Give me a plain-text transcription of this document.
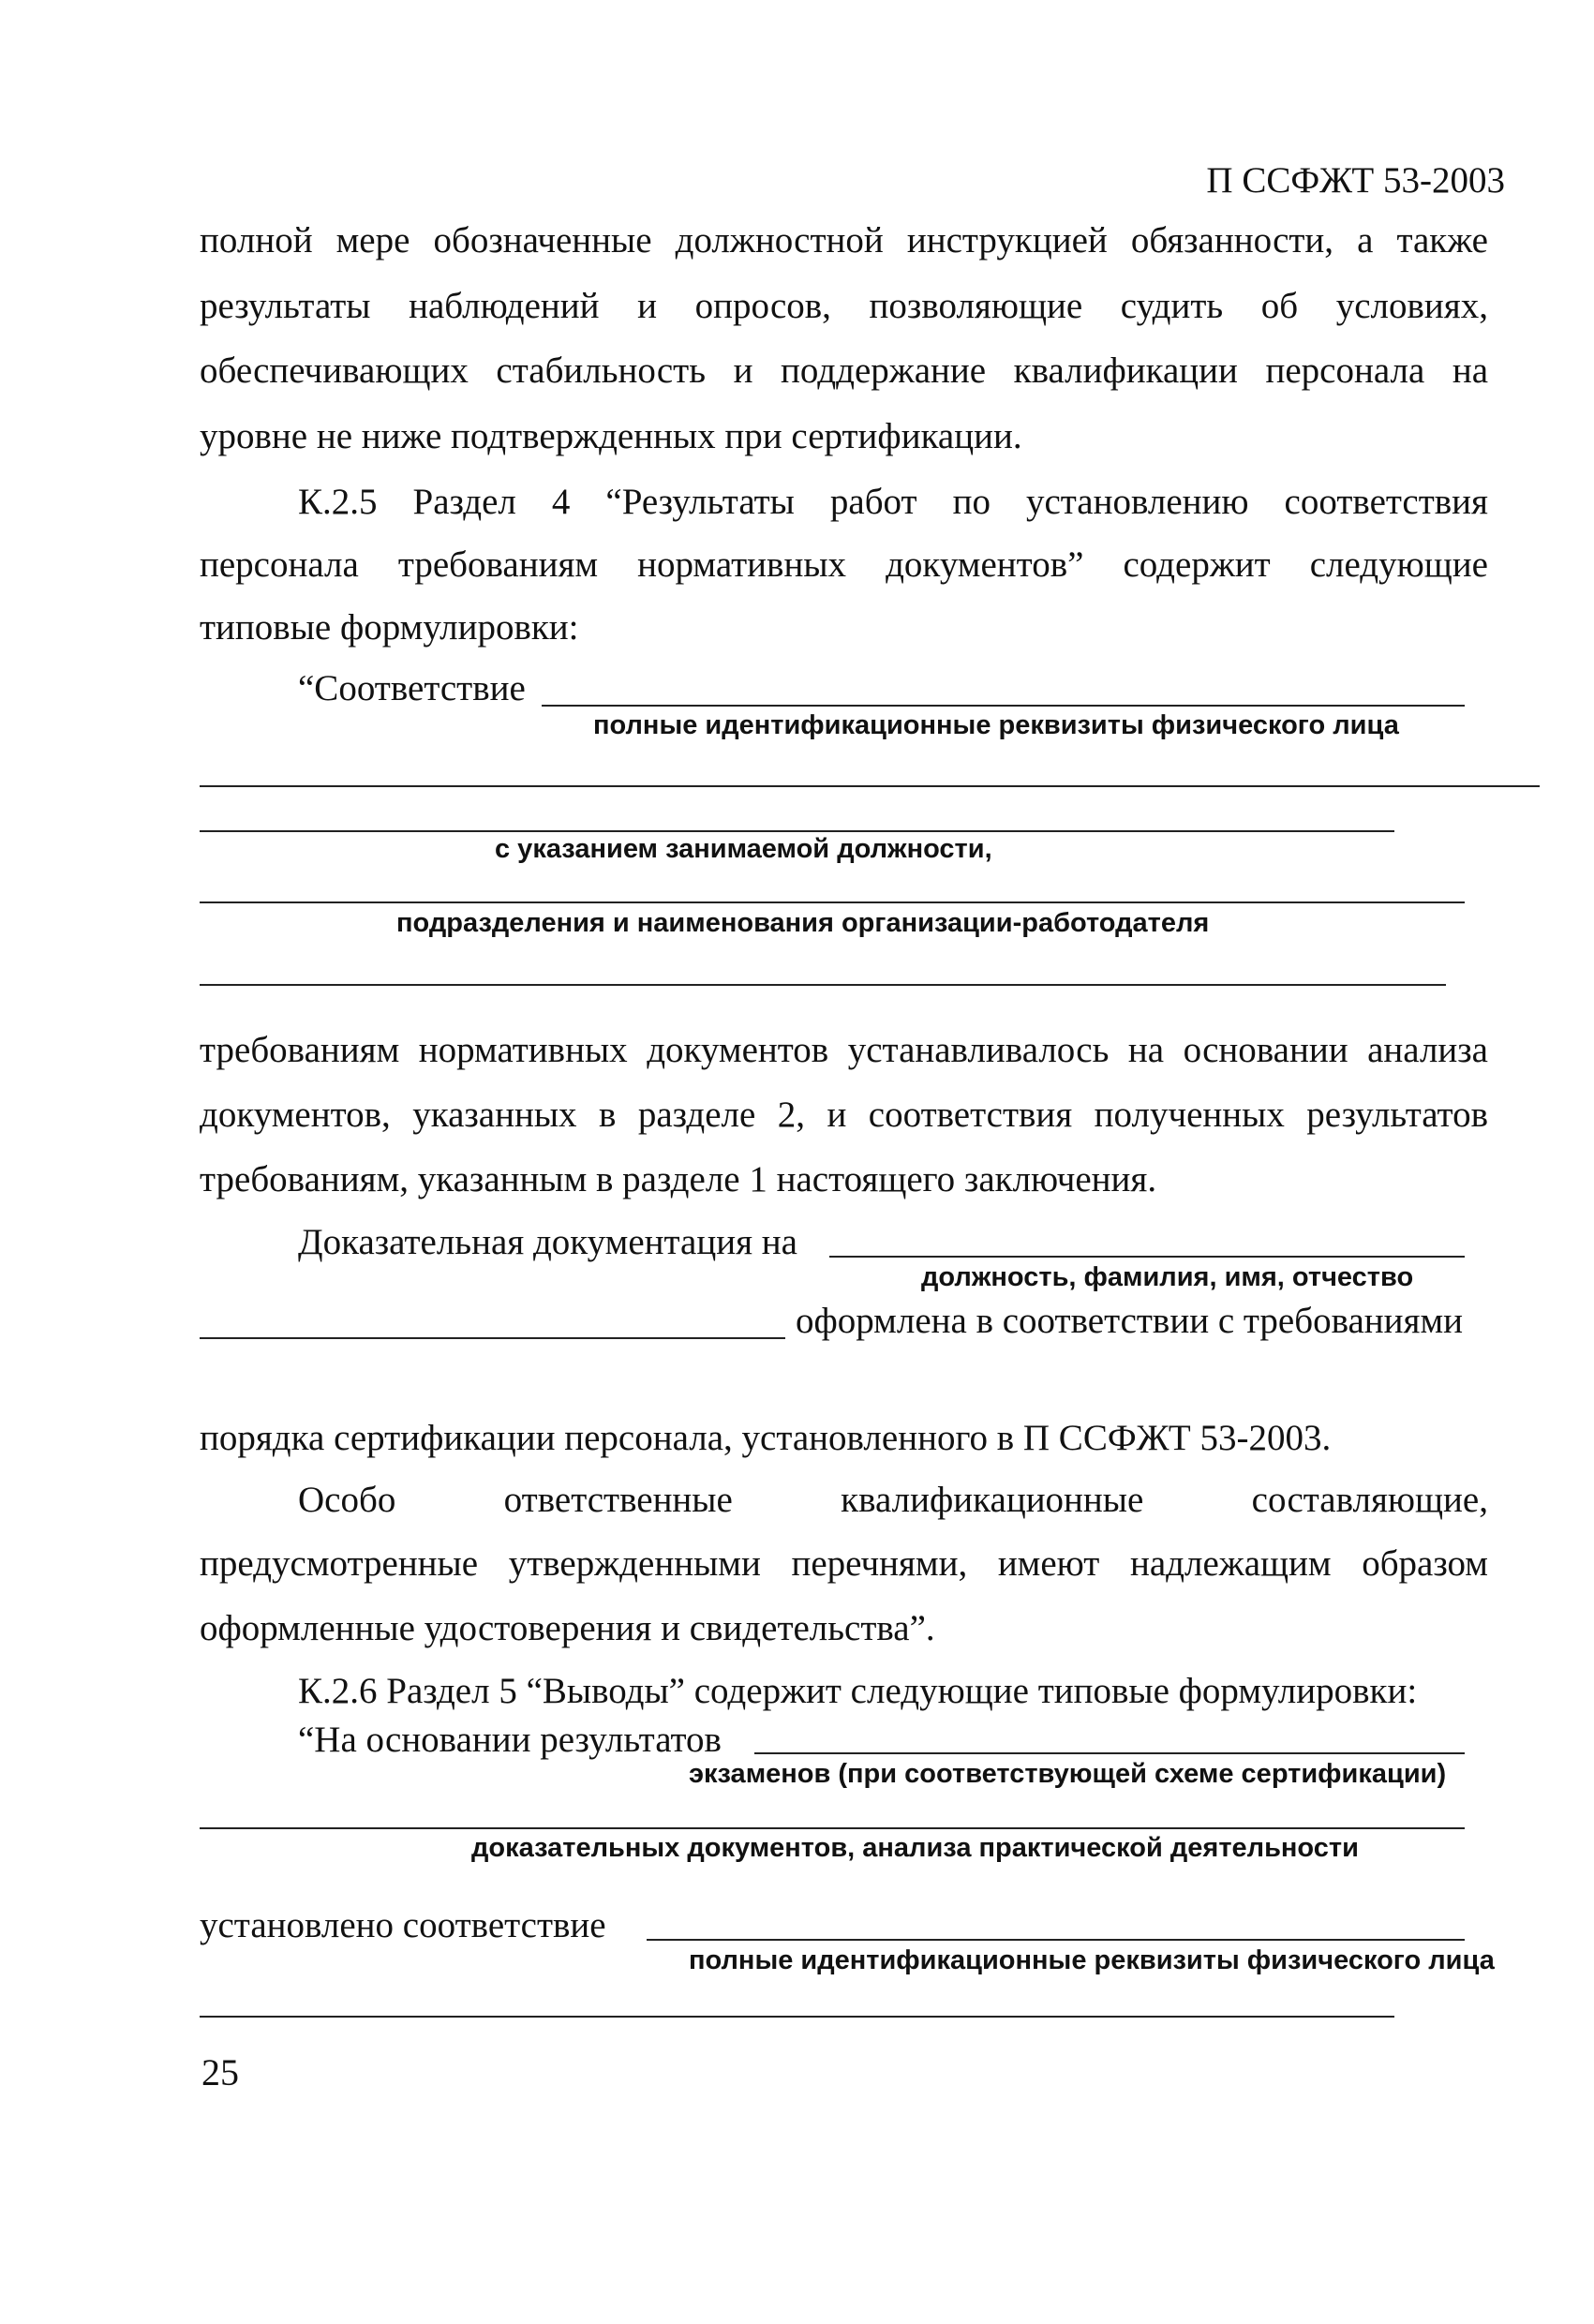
П ССФЖТ 53-2003
полной мере обозначенные должностной инструкцией обязанности, а также
результаты наблюдений и опросов, позволяющие судить об условиях,
обеспечивающих стабильность и поддержание квалификации персонала на
уровне не ниже подтвержденных при сертификации.
К.2.5 Раздел 4 “Результаты работ по установлению соответствия
персонала требованиям нормативных документов” содержит следующие
типовые формулировки:
“Соответствие
полные идентификационные реквизиты физического лица
с указанием занимаемой должности,
подразделения и наименования организации-работодателя
требованиям нормативных документов устанавливалось на основании анализа
документов, указанных в разделе 2, и соответствия полученных результатов
требованиям, указанным в разделе 1 настоящего заключения.
Доказательная документация на
должность, фамилия, имя, отчество
оформлена в соответствии с требованиями
порядка сертификации персонала, установленного в П ССФЖТ 53-2003.
Особо ответственные квалификационные составляющие,
предусмотренные утвержденными перечнями, имеют надлежащим образом
оформленные удостоверения и свидетельства”.
К.2.6 Раздел 5 “Выводы” содержит следующие типовые формулировки:
“На основании результатов
экзаменов (при соответствующей схеме сертификации)
доказательных документов, анализа практической деятельности
установлено соответствие
полные идентификационные реквизиты физического лица
25
